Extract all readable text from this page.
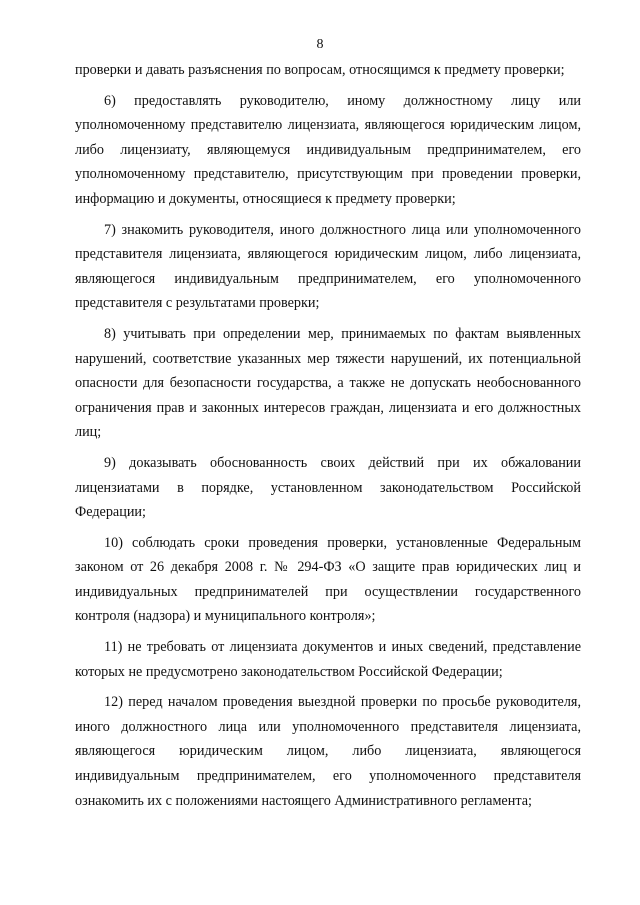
8

проверки и давать разъяснения по вопросам, относящимся к предмету проверки;

6) предоставлять руководителю, иному должностному лицу или уполномоченному представителю лицензиата, являющегося юридическим лицом, либо лицензиату, являющемуся индивидуальным предпринимателем, его уполномоченному представителю, присутствующим при проведении проверки, информацию и документы, относящиеся к предмету проверки;

7) знакомить руководителя, иного должностного лица или уполномоченного представителя лицензиата, являющегося юридическим лицом, либо лицензиата, являющегося индивидуальным предпринимателем, его уполномоченного представителя с результатами проверки;

8) учитывать при определении мер, принимаемых по фактам выявленных нарушений, соответствие указанных мер тяжести нарушений, их потенциальной опасности для безопасности государства, а также не допускать необоснованного ограничения прав и законных интересов граждан, лицензиата и его должностных лиц;

9) доказывать обоснованность своих действий при их обжаловании лицензиатами в порядке, установленном законодательством Российской Федерации;

10) соблюдать сроки проведения проверки, установленные Федеральным законом от 26 декабря 2008 г. № 294-ФЗ «О защите прав юридических лиц и индивидуальных предпринимателей при осуществлении государственного контроля (надзора) и муниципального контроля»;

11) не требовать от лицензиата документов и иных сведений, представление которых не предусмотрено законодательством Российской Федерации;

12) перед началом проведения выездной проверки по просьбе руководителя, иного должностного лица или уполномоченного представителя лицензиата, являющегося юридическим лицом, либо лицензиата, являющегося индивидуальным предпринимателем, его уполномоченного представителя ознакомить их с положениями настоящего Административного регламента;
